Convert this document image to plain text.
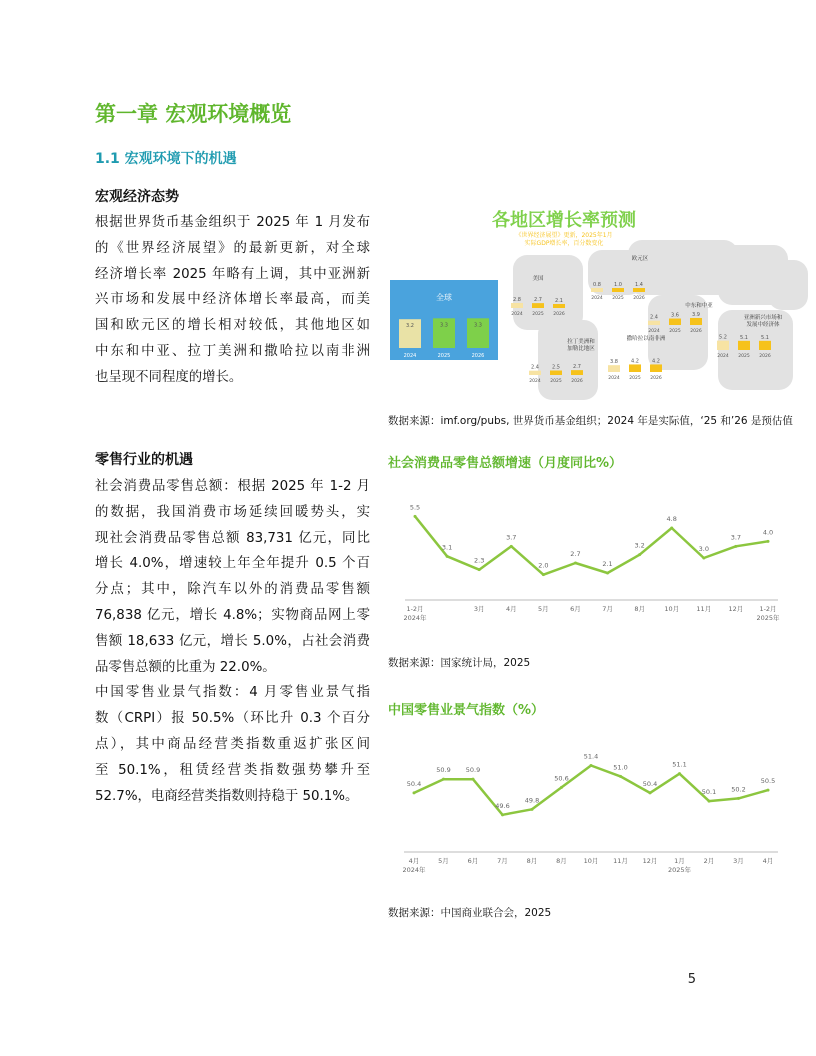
第一章 宏观环境概览
1.1 宏观环境下的机遇
宏观经济态势
根据世界货币基金组织于 2025 年 1 月发布
的《世界经济展望》的最新更新，对全球
经济增长率 2025 年略有上调，其中亚洲新
兴市场和发展中经济体增长率最高，而美
国和欧元区的增长相对较低，其他地区如
中东和中亚、拉丁美洲和撒哈拉以南非洲
也呈现不同程度的增长。
零售行业的机遇
社会消费品零售总额：根据 2025 年 1-2 月
的数据，我国消费市场延续回暖势头，实
现社会消费品零售总额 83,731 亿元，同比
增长 4.0%，增速较上年全年提升 0.5 个百
分点；其中，除汽车以外的消费品零售额
76,838 亿元，增长 4.8%；实物商品网上零
售额 18,633 亿元，增长 5.0%，占社会消费
品零售总额的比重为 22.0%。
中国零售业景气指数：4 月零售业景气指
数（CRPI）报 50.5%（环比升 0.3 个百分
点），其中商品经营类指数重返扩张区间
至 50.1%，租赁经营类指数强势攀升至
52.7%，电商经营类指数则持稳于 50.1%。
各地区增长率预测
《世界经济展望》更新，2025年1月
实际GDP增长率，百分数变化
美国
2.8
2024
2.7
2025
2.1
2026
欧元区
0.8
2024
1.0
2025
1.4
2026
中东和中亚
2.4
2024
3.6
2025
3.9
2026
亚洲新兴市场和
发展中经济体
5.2
2024
5.1
2025
5.1
2026
拉丁美洲和
加勒比地区
2.4
2024
2.5
2025
2.7
2026
撒哈拉以南非洲
3.8
2024
4.2
2025
4.2
2026
全球
3.2
2024
3.3
2025
3.3
2026
数据来源：imf.org/pubs, 世界货币基金组织；2024 年是实际值，‘25 和’26 是预估值
社会消费品零售总额增速（月度同比%）
5.5
3.1
2.3
3.7
2.0
2.7
2.1
3.2
4.8
3.0
3.7
4.0
1-2月	3月	4月	5月	6月	7月	8月	10月	11月	12月 1-2月
2024年	2025年
数据来源：国家统计局，2025
中国零售业景气指数（%）
50.4
50.9 50.9
49.6
49.8
50.6
51.4
51.0
50.4
51.1
50.1 50.2
50.5
4月	5月	6月	7月	8月	8月	10月 11月 12月	1月	2月	3月	4月
2024年	2025年
数据来源：中国商业联合会，2025
5
